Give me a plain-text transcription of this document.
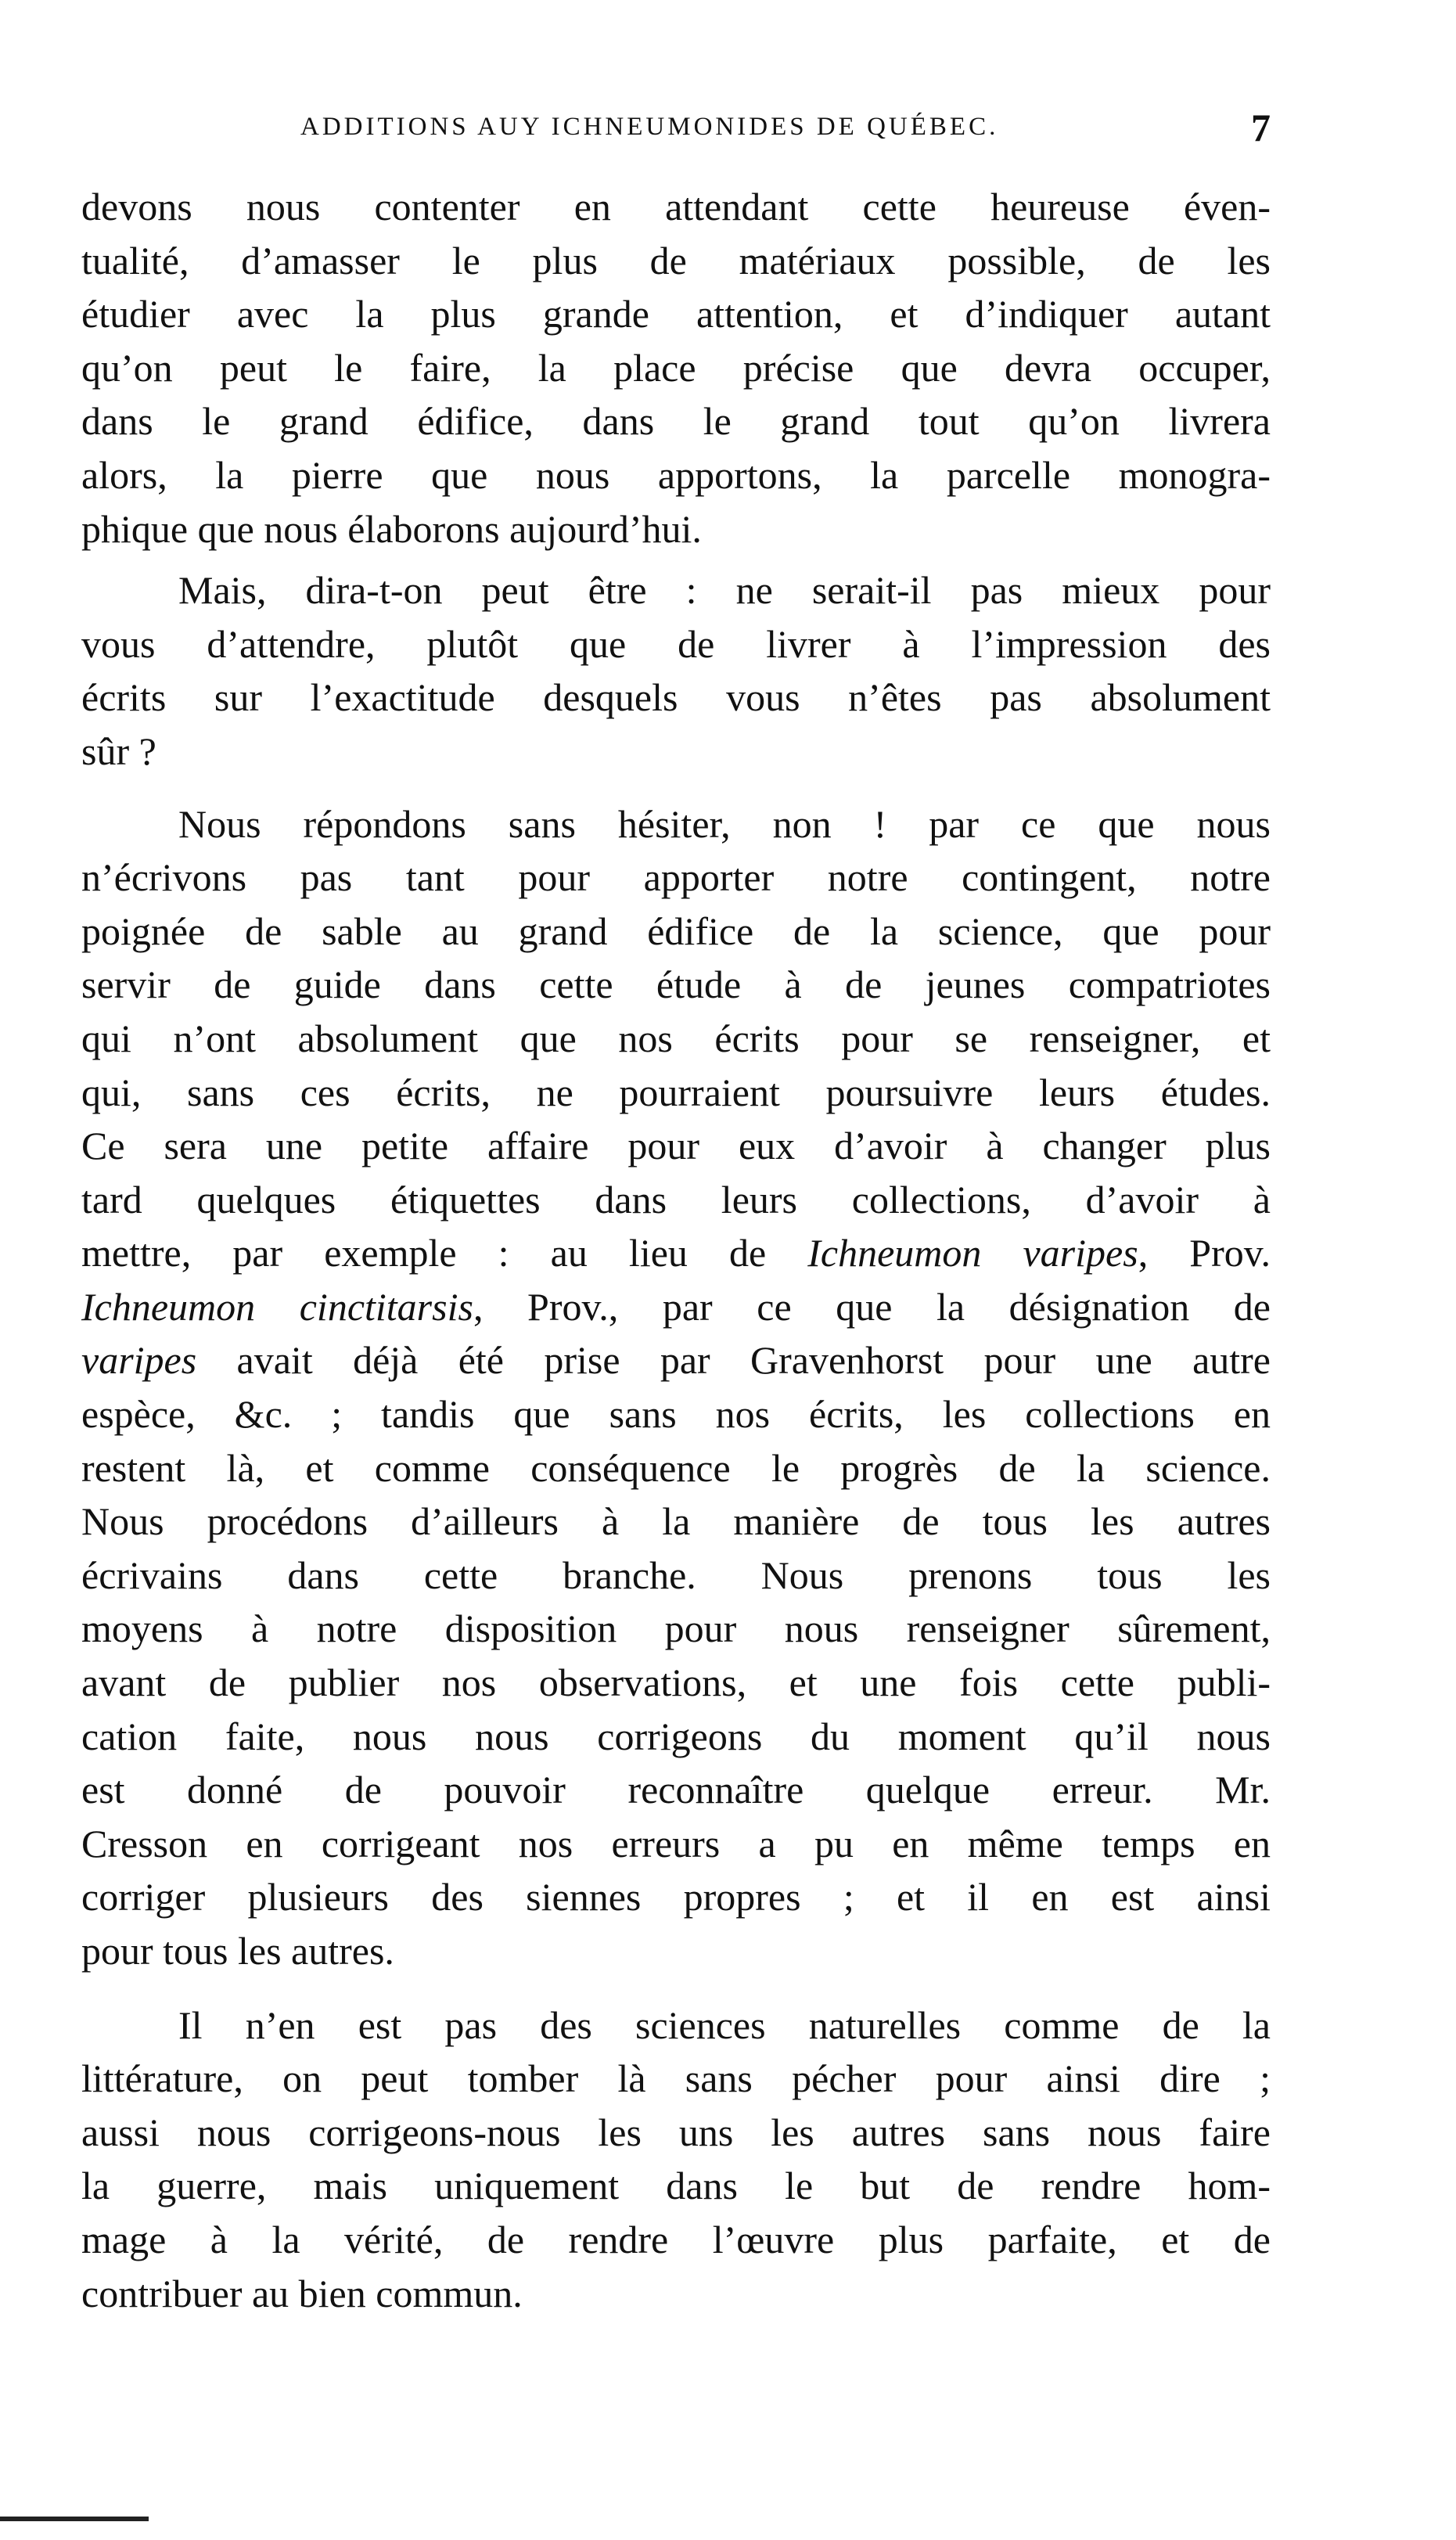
ADDITIONS AUY ICHNEUMONIDES DE QUÉBEC.	7

devons nous contenter en attendant cette heureuse éven-
tualité, d’amasser le plus de matériaux possible, de les
étudier avec la plus grande attention, et d’indiquer autant
qu’on peut le faire, la place précise que devra occuper,
dans le grand édifice, dans le grand tout qu’on livrera
alors, la pierre que nous apportons, la parcelle monogra-
phique que nous élaborons aujourd’hui.

Mais, dira-t-on peut être : ne serait-il pas mieux pour
vous d’attendre, plutôt que de livrer à l’impression des
écrits sur l’exactitude desquels vous n’êtes pas absolument
sûr ?

Nous répondons sans hésiter, non ! par ce que nous
n’écrivons pas tant pour apporter notre contingent, notre
poignée de sable au grand édifice de la science, que pour
servir de guide dans cette étude à de jeunes compatriotes
qui n’ont absolument que nos écrits pour se renseigner, et
qui, sans ces écrits, ne pourraient poursuivre leurs études.
Ce sera une petite affaire pour eux d’avoir à changer plus
tard quelques étiquettes dans leurs collections, d’avoir à
mettre, par exemple : au lieu de Ichneumon varipes, Prov.
Ichneumon cinctitarsis, Prov., par ce que la désignation de
varipes avait déjà été prise par Gravenhorst pour une autre
espèce, &c. ; tandis que sans nos écrits, les collections en
restent là, et comme conséquence le progrès de la science.
Nous procédons d’ailleurs à la manière de tous les autres
écrivains dans cette branche. Nous prenons tous les
moyens à notre disposition pour nous renseigner sûrement,
avant de publier nos observations, et une fois cette publi-
cation faite, nous nous corrigeons du moment qu’il nous
est donné de pouvoir reconnaître quelque erreur. Mr.
Cresson en corrigeant nos erreurs a pu en même temps en
corriger plusieurs des siennes propres ; et il en est ainsi
pour tous les autres.

Il n’en est pas des sciences naturelles comme de la
littérature, on peut tomber là sans pécher pour ainsi dire ;
aussi nous corrigeons-nous les uns les autres sans nous faire
la guerre, mais uniquement dans le but de rendre hom-
mage à la vérité, de rendre l’œuvre plus parfaite, et de
contribuer au bien commun.
